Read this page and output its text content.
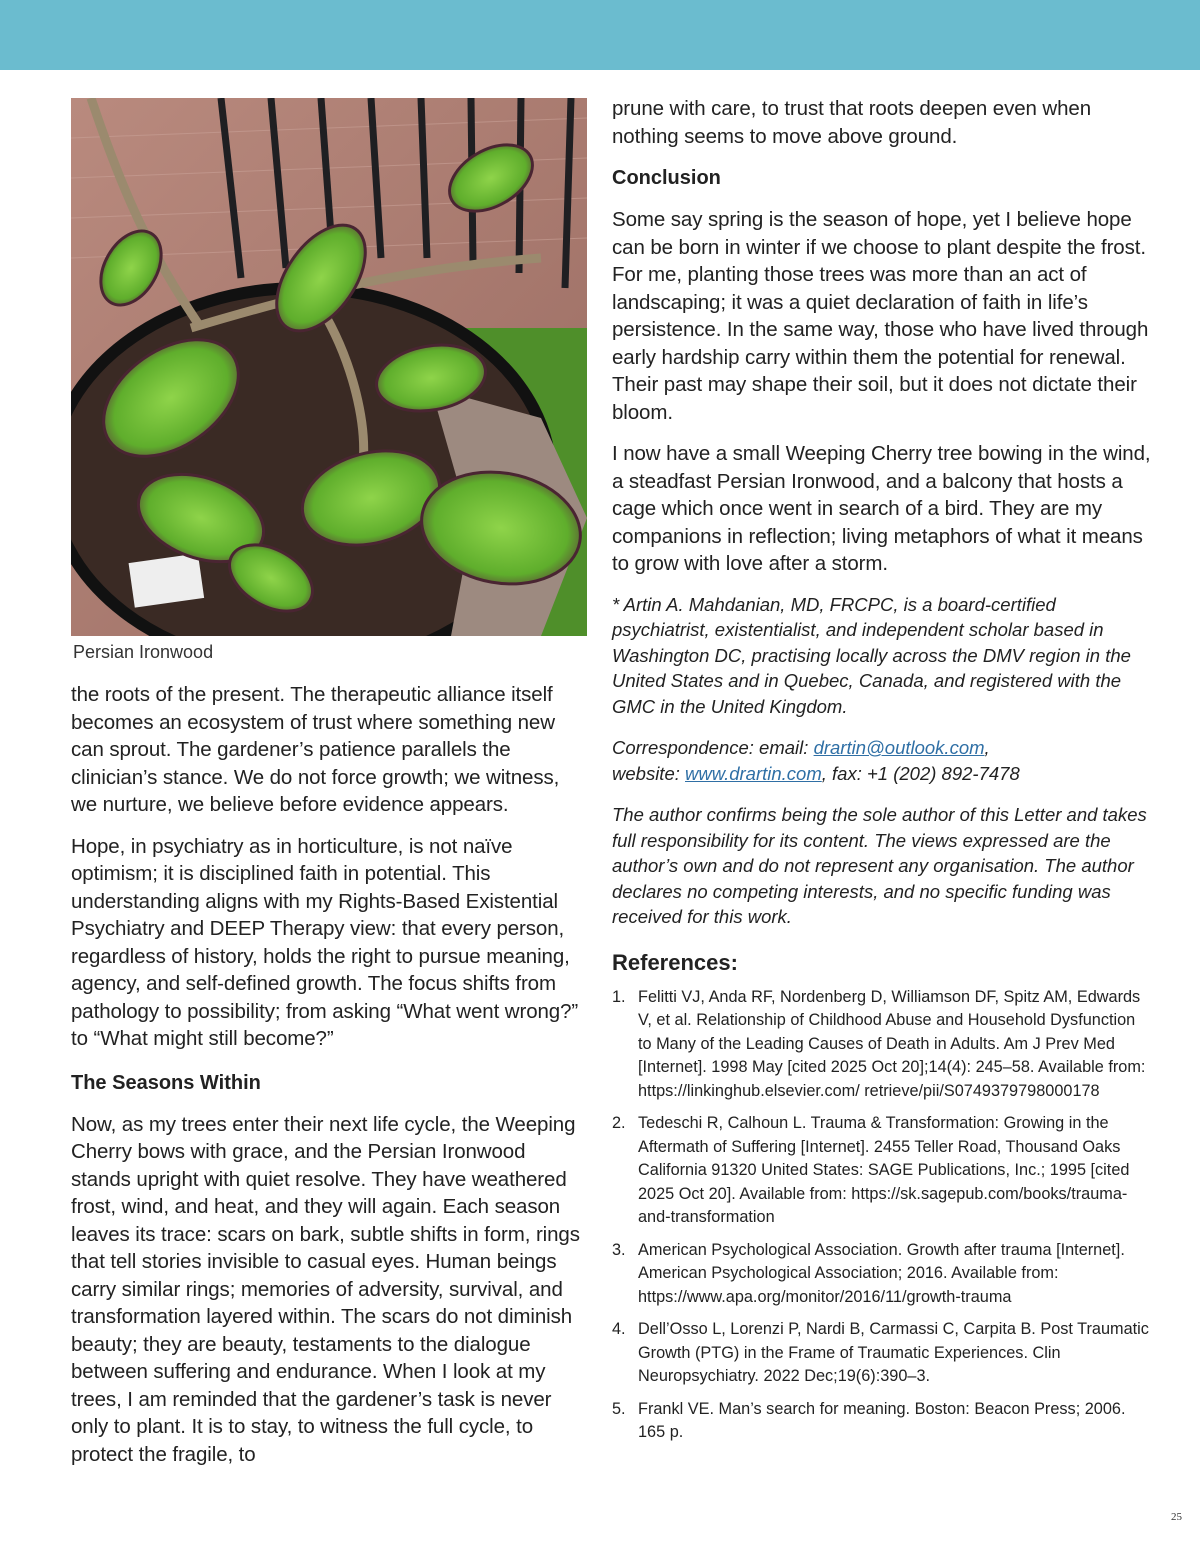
Persian Ironwood

the roots of the present. The therapeutic alliance itself becomes an ecosystem of trust where something new can sprout. The gardener’s patience parallels the clinician’s stance. We do not force growth; we witness, we nurture, we believe before evidence appears.

Hope, in psychiatry as in horticulture, is not naïve optimism; it is disciplined faith in potential. This understanding aligns with my Rights-Based Existential Psychiatry and DEEP Therapy view: that every person, regardless of history, holds the right to pursue meaning, agency, and self-defined growth. The focus shifts from pathology to possibility; from asking “What went wrong?” to “What might still become?”

The Seasons Within

Now, as my trees enter their next life cycle, the Weeping Cherry bows with grace, and the Persian Ironwood stands upright with quiet resolve. They have weathered frost, wind, and heat, and they will again. Each season leaves its trace: scars on bark, subtle shifts in form, rings that tell stories invisible to casual eyes. Human beings carry similar rings; memories of adversity, survival, and transformation layered within. The scars do not diminish beauty; they are beauty, testaments to the dialogue between suffering and endurance. When I look at my trees, I am reminded that the gardener’s task is never only to plant. It is to stay, to witness the full cycle, to protect the fragile, to

prune with care, to trust that roots deepen even when nothing seems to move above ground.

Conclusion

Some say spring is the season of hope, yet I believe hope can be born in winter if we choose to plant despite the frost. For me, planting those trees was more than an act of landscaping; it was a quiet declaration of faith in life’s persistence. In the same way, those who have lived through early hardship carry within them the potential for renewal. Their past may shape their soil, but it does not dictate their bloom.

I now have a small Weeping Cherry tree bowing in the wind, a steadfast Persian Ironwood, and a balcony that hosts a cage which once went in search of a bird. They are my companions in reflection; living metaphors of what it means to grow with love after a storm.

* Artin A. Mahdanian, MD, FRCPC, is a board-certified psychiatrist, existentialist, and independent scholar based in Washington DC, practising locally across the DMV region in the United States and in Quebec, Canada, and registered with the GMC in the United Kingdom.

Correspondence: email: drartin@outlook.com,
website: www.drartin.com, fax: +1 (202) 892-7478

The author confirms being the sole author of this Letter and takes full responsibility for its content. The views expressed are the author’s own and do not represent any organisation. The author declares no competing interests, and no specific funding was received for this work.

References:
1. Felitti VJ, Anda RF, Nordenberg D, Williamson DF, Spitz AM, Edwards V, et al. Relationship of Childhood Abuse and Household Dysfunction to Many of the Leading Causes of Death in Adults. Am J Prev Med [Internet]. 1998 May [cited 2025 Oct 20];14(4): 245–58. Available from: https://linkinghub.elsevier.com/ retrieve/pii/S0749379798000178
2. Tedeschi R, Calhoun L. Trauma & Transformation: Growing in the Aftermath of Suffering [Internet]. 2455 Teller Road, Thousand Oaks California 91320 United States: SAGE Publications, Inc.; 1995 [cited 2025 Oct 20]. Available from: https://sk.sagepub.com/books/trauma-and-transformation
3. American Psychological Association. Growth after trauma [Internet]. American Psychological Association; 2016. Available from: https://www.apa.org/monitor/2016/11/growth-trauma
4. Dell’Osso L, Lorenzi P, Nardi B, Carmassi C, Carpita B. Post Traumatic Growth (PTG) in the Frame of Traumatic Experiences. Clin Neuropsychiatry. 2022 Dec;19(6):390–3.
5. Frankl VE. Man’s search for meaning. Boston: Beacon Press; 2006. 165 p.
25
